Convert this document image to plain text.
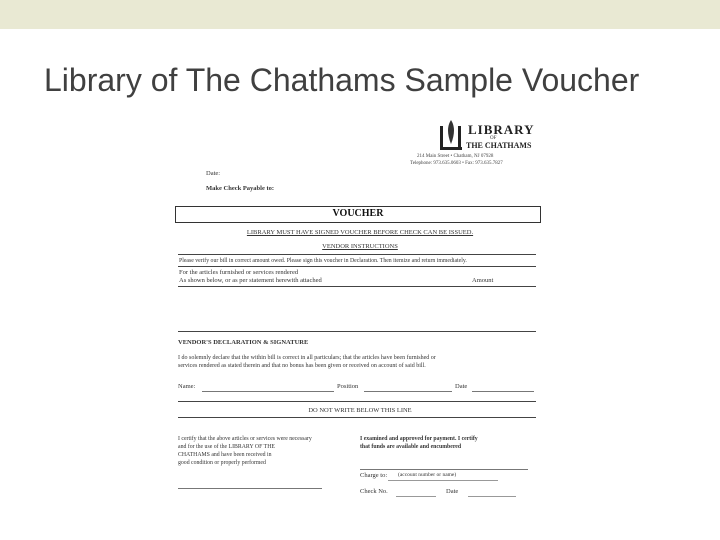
Library of The Chathams Sample Voucher
LIBRARY
OF
THE CHATHAMS
214 Main Street • Chatham, NJ 07928
Telephone: 973.635.0603 • Fax: 973.635.7827
Date:
Make Check Payable to:
VOUCHER
LIBRARY MUST HAVE SIGNED VOUCHER BEFORE CHECK CAN BE ISSUED.
VENDOR INSTRUCTIONS
Please verify our bill in correct amount owed. Please sign this voucher in Declaration. Then itemize and return immediately.
For the articles furnished or services rendered
As shown below, or as per statement herewith attached	Amount
VENDOR'S DECLARATION & SIGNATURE
I do solemnly declare that the within bill is correct in all particulars; that the articles have been furnished or
services rendered as stated therein and that no bonus has been given or received on account of said bill.
Name:	Position	Date
DO NOT WRITE BELOW THIS LINE
I certify that the above articles or services were necessary
and for the use of the LIBRARY OF THE
CHATHAMS and have been received in
good condition or properly performed
I examined and approved for payment. I certify
that funds are available and encumbered
Charge to: (account number or name)
Check No.	Date
